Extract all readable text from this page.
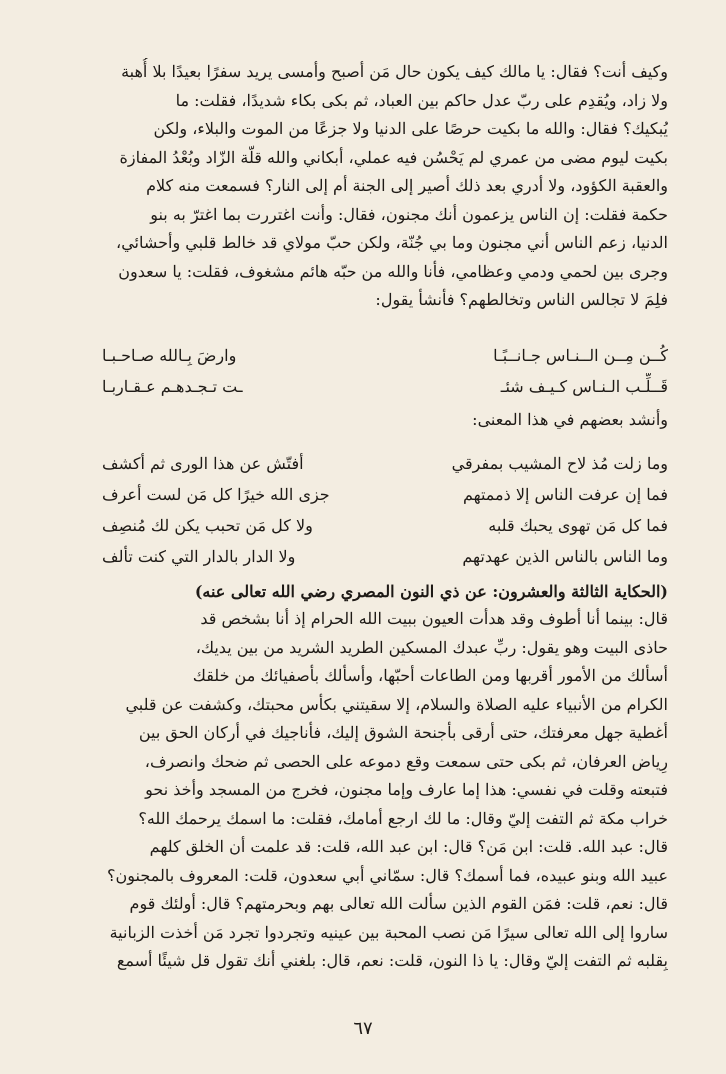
وكيف أنت؟ فقال: يا مالك كيف يكون حال مَن أصبح وأمسى يريد سفرًا بعيدًا بلا أُهبة
ولا زاد، ويُقدِم على ربّ عدل حاكم بين العباد، ثم بكى بكاء شديدًا، فقلت: ما
يُبكيك؟ فقال: والله ما بكيت حرصًا على الدنيا ولا جزعًا من الموت والبلاء، ولكن
بكيت ليوم مضى من عمري لم يَحْسُن فيه عملي، أبكاني والله قلّة الزّاد وبُعْدُ المفازة
والعقبة الكؤود، ولا أدري بعد ذلك أصير إلى الجنة أم إلى النار؟ فسمعت منه كلام
حكمة فقلت: إن الناس يزعمون أنك مجنون، فقال: وأنت اغتررت بما اغترّ به بنو
الدنيا، زعم الناس أني مجنون وما بي جُنّة، ولكن حبّ مولاي قد خالط قلبي وأحشائي،
وجرى بين لحمي ودمي وعظامي، فأنا والله من حبّه هائم مشغوف، فقلت: يا سعدون
فلِمَ لا تجالس الناس وتخالطهم؟ فأنشأ يقول:
كُــن مِــن الــنـاس جـانــبًـا
وارضَ بِـالله صـاحـبـا
قَــلِّـب الـنـاس كـيـف شئـ
ـت تـجـدهـم عـقـاربـا
وأنشد بعضهم في هذا المعنى:
وما زلت مُذ لاح المشيب بمفرقي
أفتّش عن هذا الورى ثم أكشف
فما إن عرفت الناس إلا ذممتهم
جزى الله خيرًا كل مَن لست أعرف
فما كل مَن تهوى يحبك قلبه
ولا كل مَن تحبب يكن لك مُنصِف
وما الناس بالناس الذين عهدتهم
ولا الدار بالدار التي كنت تألف
(الحكاية الثالثة والعشرون: عن ذي النون المصري رضي الله تعالى عنه)
قال: بينما أنا أطوف وقد هدأت العيون ببيت الله الحرام إذ أنا بشخص قد
حاذى البيت وهو يقول: ربِّ عبدك المسكين الطريد الشريد من بين يديك،
أسألك من الأمور أقربها ومن الطاعات أحبّها، وأسألك بأصفيائك من خلقك
الكرام من الأنبياء عليه الصلاة والسلام، إلا سقيتني بكأس محبتك، وكشفت عن قلبي
أغطية جهل معرفتك، حتى أرقى بأجنحة الشوق إليك، فأناجيك في أركان الحق بين
رِياض العرفان، ثم بكى حتى سمعت وقع دموعه على الحصى ثم ضحك وانصرف،
فتبعته وقلت في نفسي: هذا إما عارف وإما مجنون، فخرج من المسجد وأخذ نحو
خراب مكة ثم التفت إليّ وقال: ما لك ارجع أمامك، فقلت: ما اسمك يرحمك الله؟
قال: عبد الله. قلت: ابن مَن؟ قال: ابن عبد الله، قلت: قد علمت أن الخلق كلهم
عبيد الله وبنو عبيده، فما أسمك؟ قال: سمّاني أبي سعدون، قلت: المعروف بالمجنون؟
قال: نعم، قلت: فمَن القوم الذين سألت الله تعالى بهم وبحرمتهم؟ قال: أولئك قوم
ساروا إلى الله تعالى سيرًا مَن نصب المحبة بين عينيه وتجردوا تجرد مَن أخذت الزبانية
بِقلبه ثم التفت إليّ وقال: يا ذا النون، قلت: نعم، قال: بلغني أنك تقول قل شيئًا أسمع
٦٧
